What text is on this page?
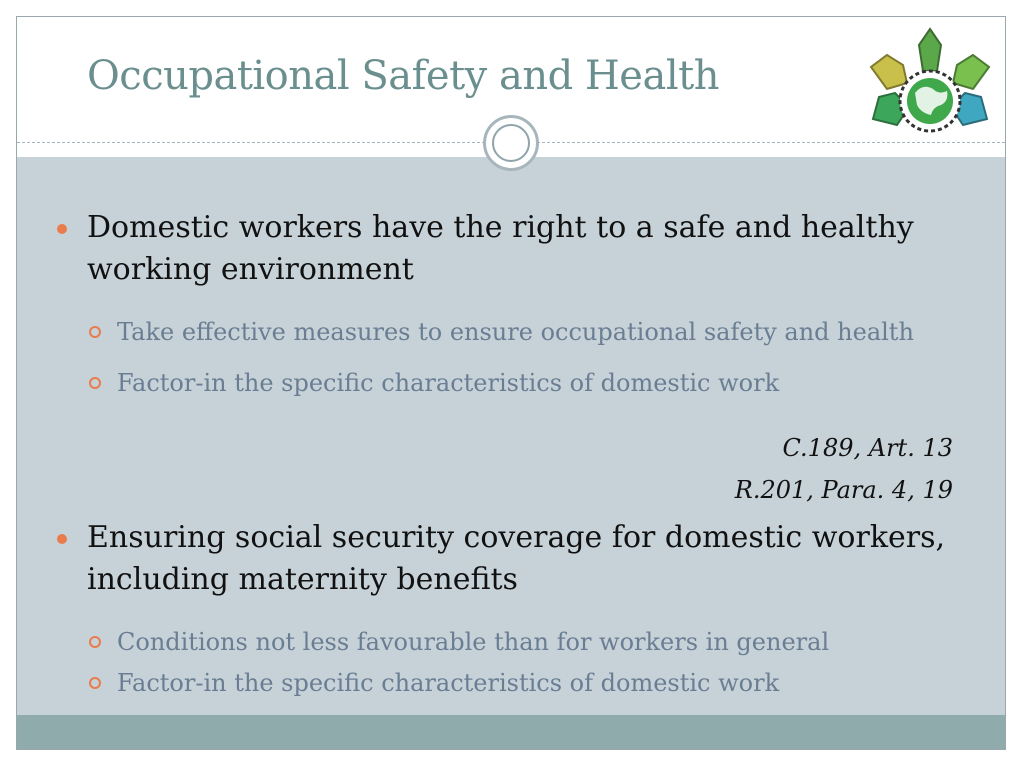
Occupational Safety and Health
Domestic workers have the right to a safe and healthy working environment
Take effective measures to ensure occupational safety and health
Factor-in the specific characteristics of domestic work
C.189, Art. 13
R.201, Para. 4, 19
Ensuring social security coverage for domestic workers, including maternity benefits
Conditions not less favourable than for workers in general
Factor-in the specific characteristics of domestic work
